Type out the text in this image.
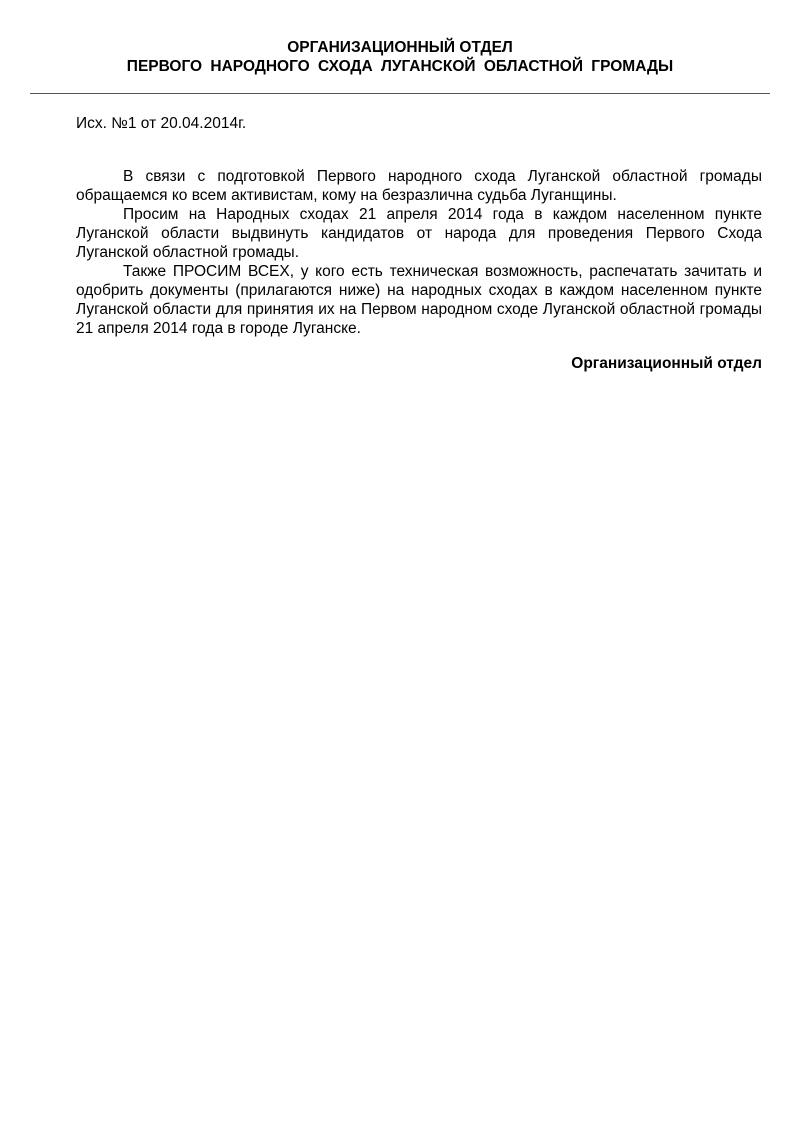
ОРГАНИЗАЦИОННЫЙ ОТДЕЛ
ПЕРВОГО НАРОДНОГО СХОДА ЛУГАНСКОЙ ОБЛАСТНОЙ ГРОМАДЫ
Исх. №1 от 20.04.2014г.

В связи с подготовкой Первого народного схода Луганской областной громады обращаемся ко всем активистам, кому на безразлична судьба Луганщины.

Просим на Народных сходах 21 апреля 2014 года в каждом населенном пункте Луганской области выдвинуть кандидатов от народа для проведения Первого Схода Луганской областной громады.

Также ПРОСИМ ВСЕХ, у кого есть техническая возможность, распечатать зачитать и одобрить документы (прилагаются ниже) на народных сходах в каждом населенном пункте Луганской области для принятия их на Первом народном сходе Луганской областной громады 21 апреля 2014 года в городе Луганске.

Организационный отдел
